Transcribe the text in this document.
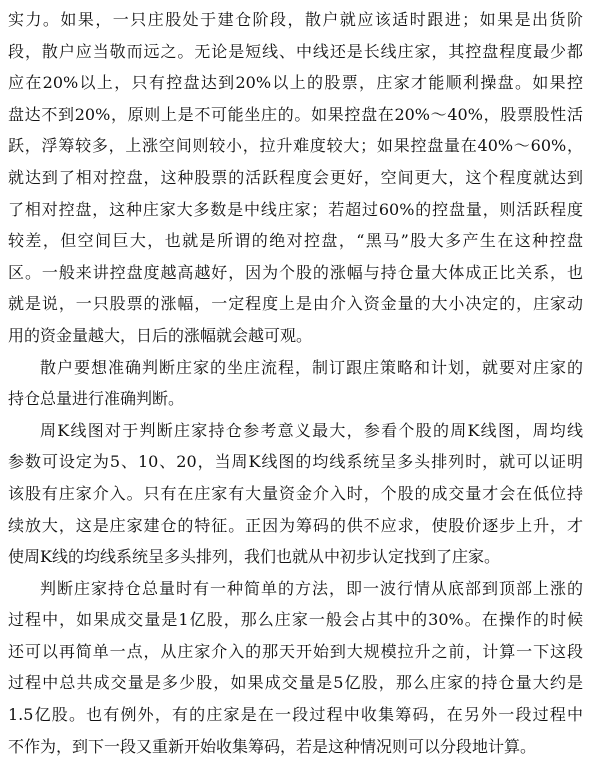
实力。如果，一只庄股处于建仓阶段，散户就应该适时跟进；如果是出货阶
段，散户应当敬而远之。无论是短线、中线还是长线庄家，其控盘程度最少都
应在20%以上，只有控盘达到20%以上的股票，庄家才能顺利操盘。如果控
盘达不到20%，原则上是不可能坐庄的。如果控盘在20%～40%，股票股性活
跃，浮筹较多，上涨空间则较小，拉升难度较大；如果控盘量在40%～60%，
就达到了相对控盘，这种股票的活跃程度会更好，空间更大，这个程度就达到
了相对控盘，这种庄家大多数是中线庄家；若超过60%的控盘量，则活跃程度
较差，但空间巨大，也就是所谓的绝对控盘，“黑马”股大多产生在这种控盘
区。一般来讲控盘度越高越好，因为个股的涨幅与持仓量大体成正比关系，也
就是说，一只股票的涨幅，一定程度上是由介入资金量的大小决定的，庄家动
用的资金量越大，日后的涨幅就会越可观。
散户要想准确判断庄家的坐庄流程，制订跟庄策略和计划，就要对庄家的
持仓总量进行准确判断。
周K线图对于判断庄家持仓参考意义最大，参看个股的周K线图，周均线
参数可设定为5、10、20，当周K线图的均线系统呈多头排列时，就可以证明
该股有庄家介入。只有在庄家有大量资金介入时，个股的成交量才会在低位持
续放大，这是庄家建仓的特征。正因为筹码的供不应求，使股价逐步上升，才
使周K线的均线系统呈多头排列，我们也就从中初步认定找到了庄家。
判断庄家持仓总量时有一种简单的方法，即一波行情从底部到顶部上涨的
过程中，如果成交量是1亿股，那么庄家一般会占其中的30%。在操作的时候
还可以再简单一点，从庄家介入的那天开始到大规模拉升之前，计算一下这段
过程中总共成交量是多少股，如果成交量是5亿股，那么庄家的持仓量大约是
1.5亿股。也有例外，有的庄家是在一段过程中收集筹码，在另外一段过程中
不作为，到下一段又重新开始收集筹码，若是这种情况则可以分段地计算。
